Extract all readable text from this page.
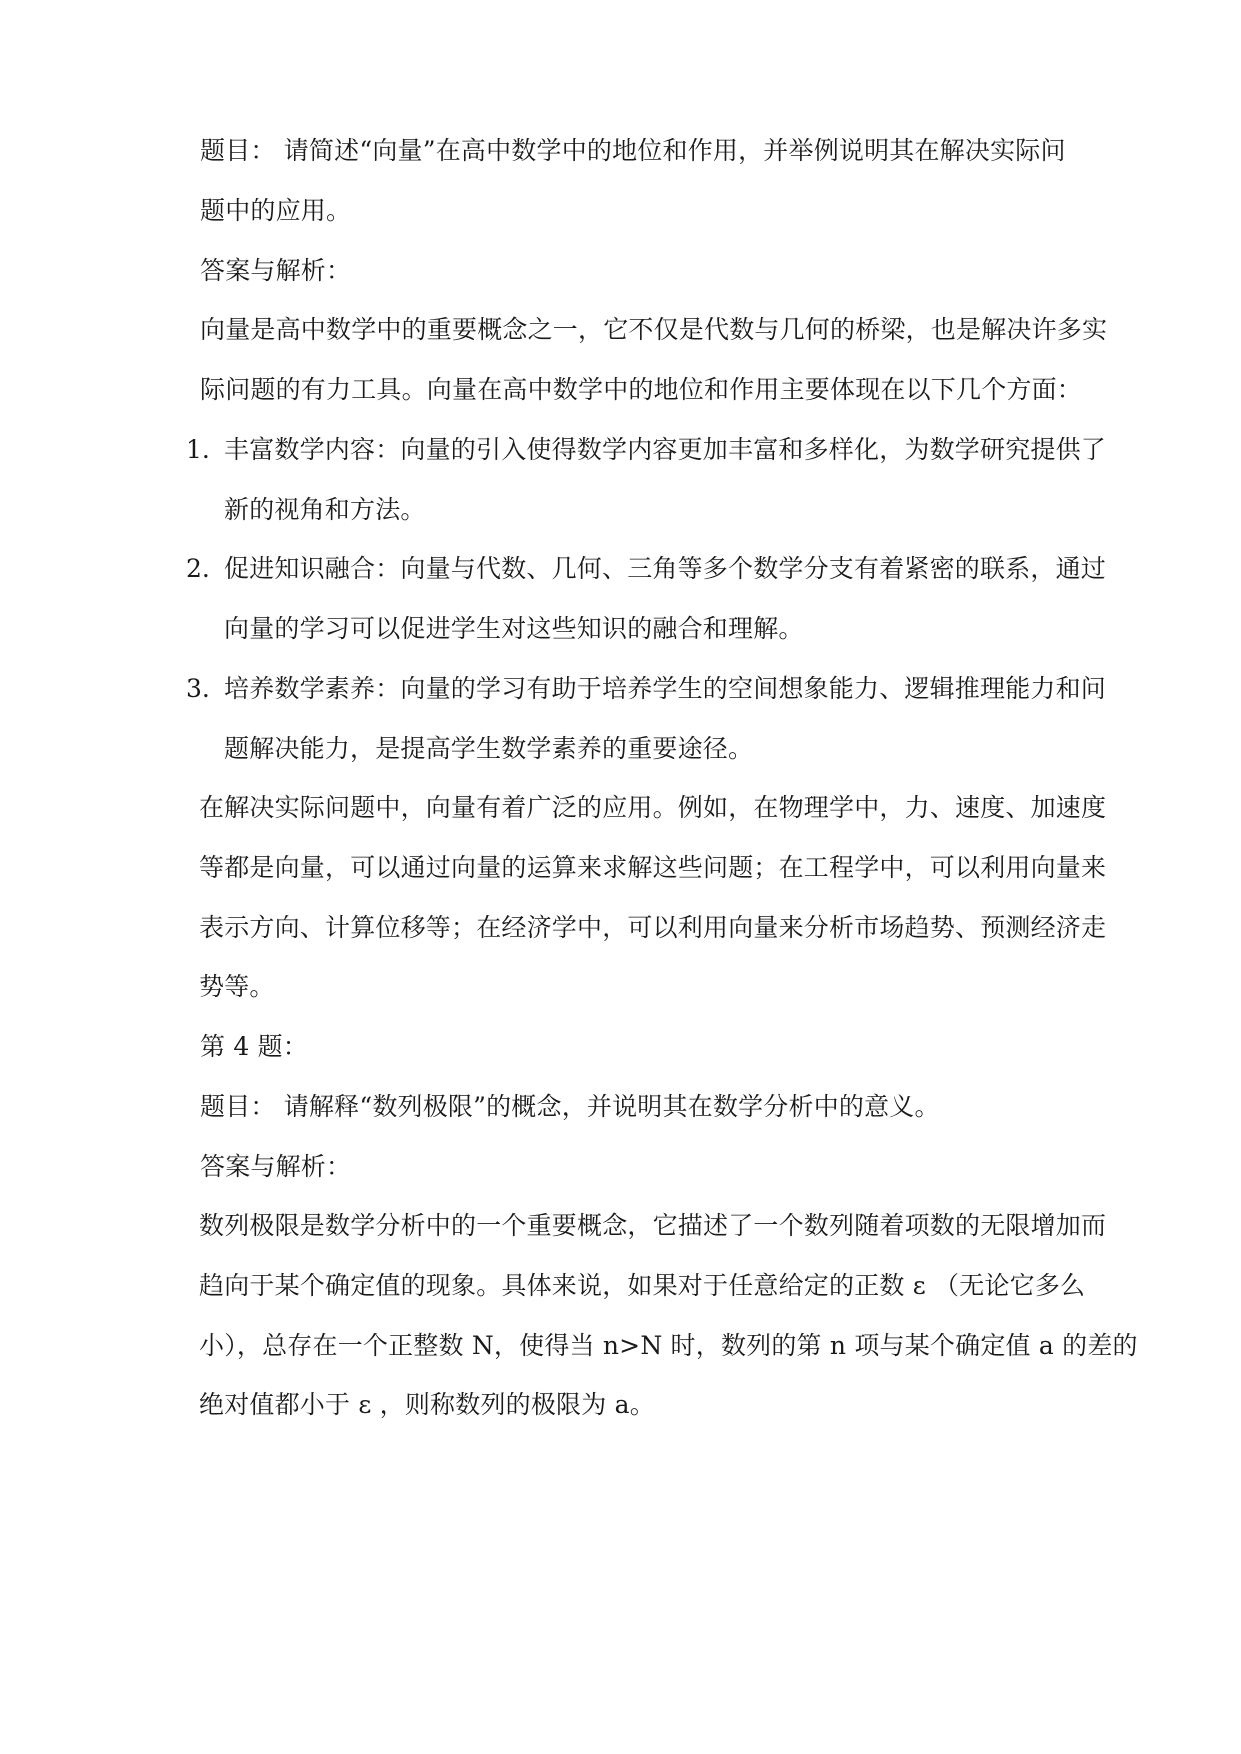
题目： 请简述“向量”在高中数学中的地位和作用，并举例说明其在解决实际问
题中的应用。
答案与解析：
向量是高中数学中的重要概念之一，它不仅是代数与几何的桥梁，也是解决许多实
际问题的有力工具。向量在高中数学中的地位和作用主要体现在以下几个方面：
1. 丰富数学内容：向量的引入使得数学内容更加丰富和多样化，为数学研究提供了
新的视角和方法。
2. 促进知识融合：向量与代数、几何、三角等多个数学分支有着紧密的联系，通过
向量的学习可以促进学生对这些知识的融合和理解。
3. 培养数学素养：向量的学习有助于培养学生的空间想象能力、逻辑推理能力和问
题解决能力，是提高学生数学素养的重要途径。
在解决实际问题中，向量有着广泛的应用。例如，在物理学中，力、速度、加速度
等都是向量，可以通过向量的运算来求解这些问题；在工程学中，可以利用向量来
表示方向、计算位移等；在经济学中，可以利用向量来分析市场趋势、预测经济走
势等。
第 4 题：
题目： 请解释“数列极限”的概念，并说明其在数学分析中的意义。
答案与解析：
数列极限是数学分析中的一个重要概念，它描述了一个数列随着项数的无限增加而
趋向于某个确定值的现象。具体来说，如果对于任意给定的正数 ε （无论它多么
小），总存在一个正整数 N，使得当 n>N 时，数列的第 n 项与某个确定值 a 的差的
绝对值都小于 ε ，则称数列的极限为 a。
